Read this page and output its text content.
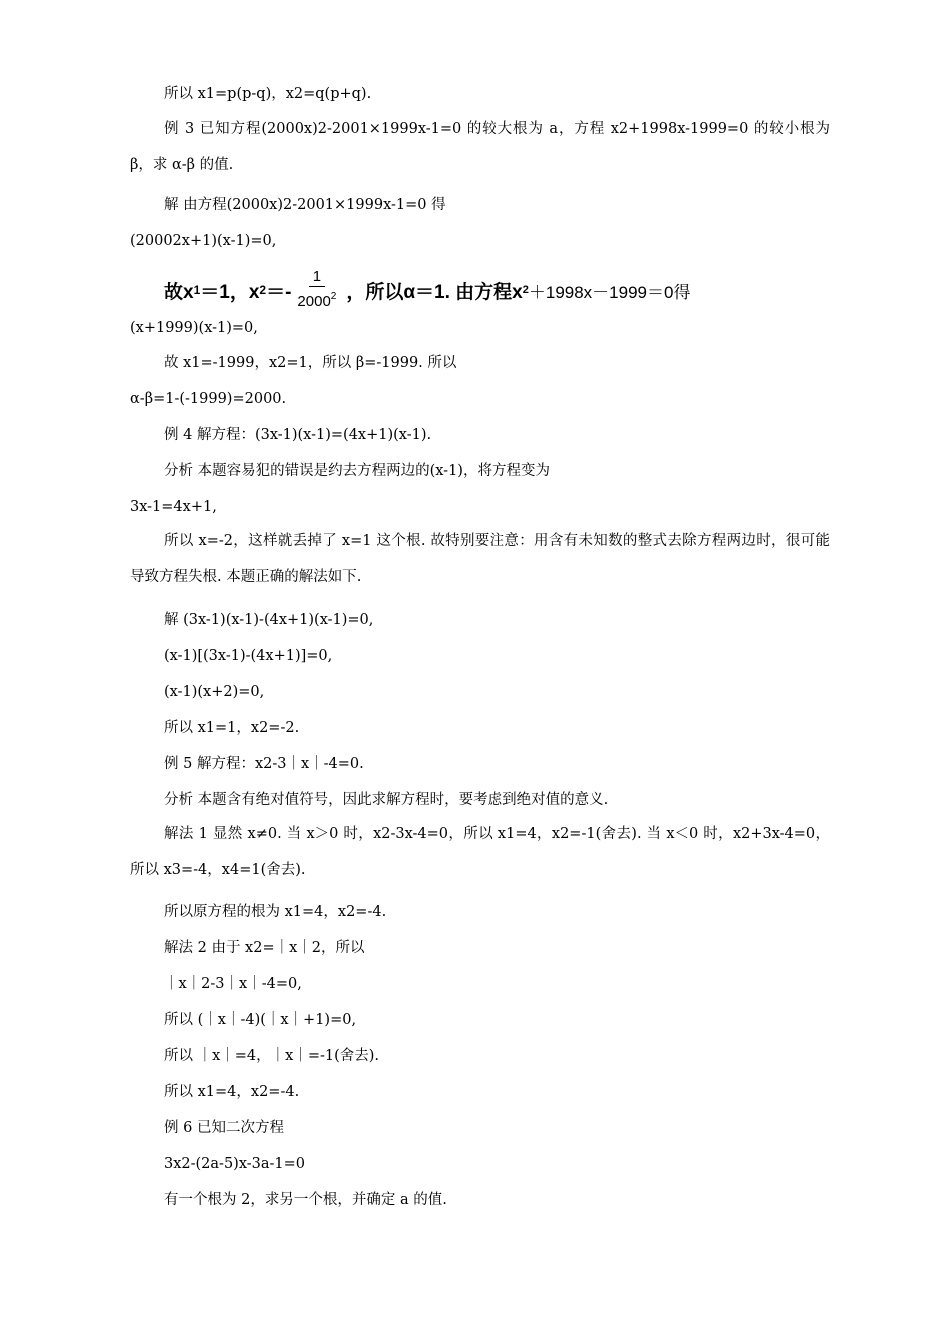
所以 x1=p(p-q)，x2=q(p+q).
例 3 已知方程(2000x)2-2001×1999x-1=0 的较大根为 a，方程 x2+1998x-1999=0 的较小根为 β，求 α-β 的值.
解 由方程(2000x)2-2001×1999x-1=0 得
(20002x+1)(x-1)=0,
故x 1 ＝1，x $2 =- \frac{1}{2000^2}$ ，所以α＝1. 由方程x 2 ＋1998x－1999＝0得
(x+1999)(x-1)=0,
故 x1=-1999，x2=1，所以 β=-1999. 所以
α-β=1-(-1999)=2000.
例 4 解方程：(3x-1)(x-1)=(4x+1)(x-1).
分析 本题容易犯的错误是约去方程两边的(x-1)，将方程变为
3x-1=4x+1,
所以 x=-2，这样就丢掉了 x=1 这个根. 故特别要注意：用含有未知数的整式去除方程两边时，很可能导致方程失根. 本题正确的解法如下.
解 (3x-1)(x-1)-(4x+1)(x-1)=0,
(x-1)[(3x-1)-(4x+1)]=0,
(x-1)(x+2)=0,
所以 x1=1，x2=-2.
例 5 解方程：x2-3｜x｜-4=0.
分析 本题含有绝对值符号，因此求解方程时，要考虑到绝对值的意义.
解法 1 显然 x≠0. 当 x＞0 时，x2-3x-4=0，所以 x1=4，x2=-1(舍去). 当 x＜0 时，x2+3x-4=0，所以 x3=-4，x4=1(舍去).
所以原方程的根为 x1=4，x2=-4.
解法 2 由于 x2=｜x｜2，所以
｜x｜2-3｜x｜-4=0,
所以 (｜x｜-4)(｜x｜+1)=0,
所以 ｜x｜=4，｜x｜=-1(舍去).
所以 x1=4，x2=-4.
例 6 已知二次方程
3x2-(2a-5)x-3a-1=0
有一个根为 2，求另一个根，并确定 a 的值.
